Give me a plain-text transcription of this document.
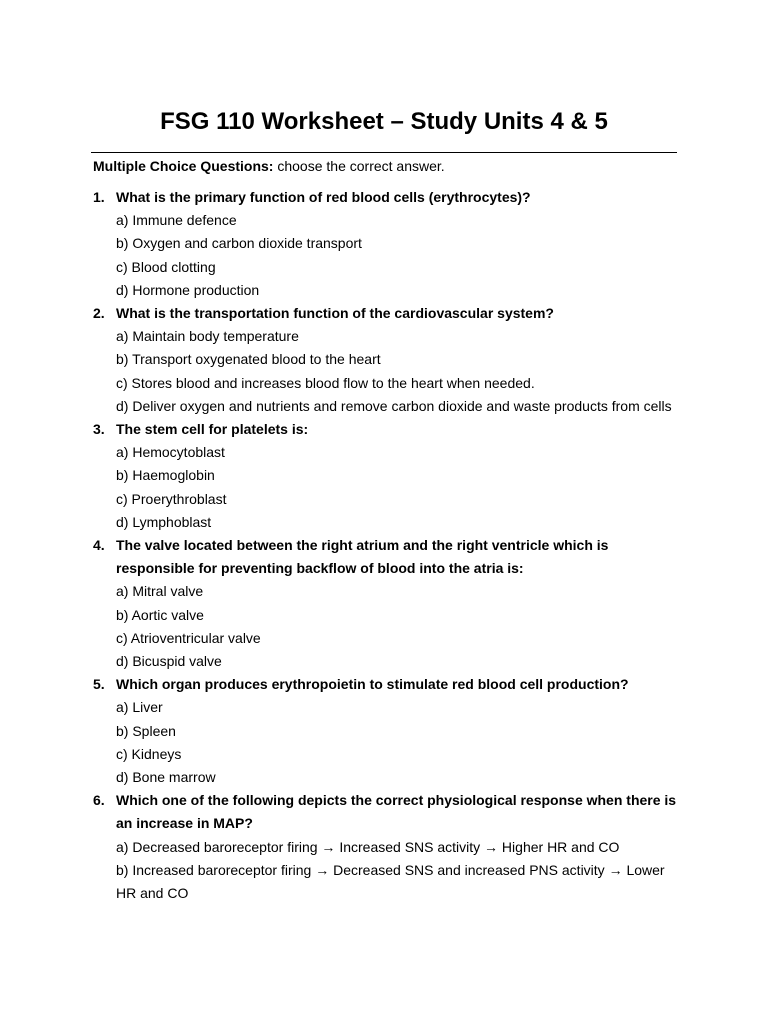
FSG 110 Worksheet – Study Units 4 & 5
Multiple Choice Questions: choose the correct answer.
1. What is the primary function of red blood cells (erythrocytes)?
a) Immune defence
b) Oxygen and carbon dioxide transport
c) Blood clotting
d) Hormone production
2. What is the transportation function of the cardiovascular system?
a) Maintain body temperature
b) Transport oxygenated blood to the heart
c) Stores blood and increases blood flow to the heart when needed.
d) Deliver oxygen and nutrients and remove carbon dioxide and waste products from cells
3. The stem cell for platelets is:
a) Hemocytoblast
b) Haemoglobin
c) Proerythroblast
d) Lymphoblast
4. The valve located between the right atrium and the right ventricle which is responsible for preventing backflow of blood into the atria is:
a) Mitral valve
b) Aortic valve
c) Atrioventricular valve
d) Bicuspid valve
5. Which organ produces erythropoietin to stimulate red blood cell production?
a) Liver
b) Spleen
c) Kidneys
d) Bone marrow
6. Which one of the following depicts the correct physiological response when there is an increase in MAP?
a) Decreased baroreceptor firing → Increased SNS activity → Higher HR and CO
b) Increased baroreceptor firing → Decreased SNS and increased PNS activity → Lower HR and CO
